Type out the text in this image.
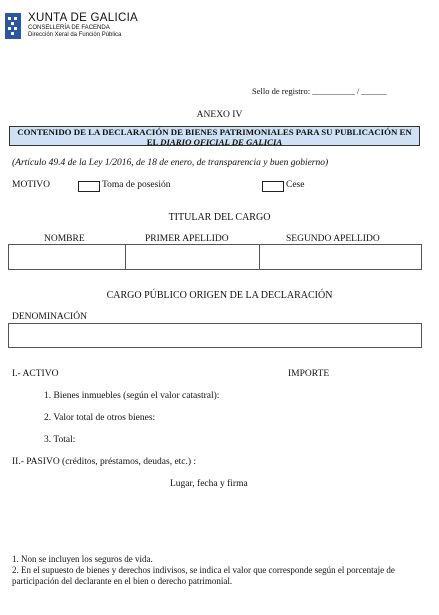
XUNTA DE GALICIA
CONSELLERÍA DE FACENDA
Dirección Xeral da Función Pública
Sello de registro: __________ / ______
ANEXO IV
CONTENIDO DE LA DECLARACIÓN DE BIENES PATRIMONIALES PARA SU PUBLICACIÓN EN
EL DIARIO OFICIAL DE GALICIA
(Artículo 49.4 de la Ley 1/2016, de 18 de enero, de transparencia y buen gobierno)
MOTIVO	Toma de posesión	Cese
TITULAR DEL CARGO
NOMBRE	PRIMER APELLIDO	SEGUNDO APELLIDO
CARGO PÚBLICO ORIGEN DE LA DECLARACIÓN
DENOMINACIÓN
I.- ACTIVO	IMPORTE
1. Bienes inmuebles (según el valor catastral):
2. Valor total de otros bienes:
3. Total:
II.- PASIVO (créditos, préstamos, deudas, etc.) :
Lugar, fecha y firma
1. Non se incluyen los seguros de vida.
2. En el supuesto de bienes y derechos indivisos, se indica el valor que corresponde según el porcentaje de participación del declarante en el bien o derecho patrimonial.
